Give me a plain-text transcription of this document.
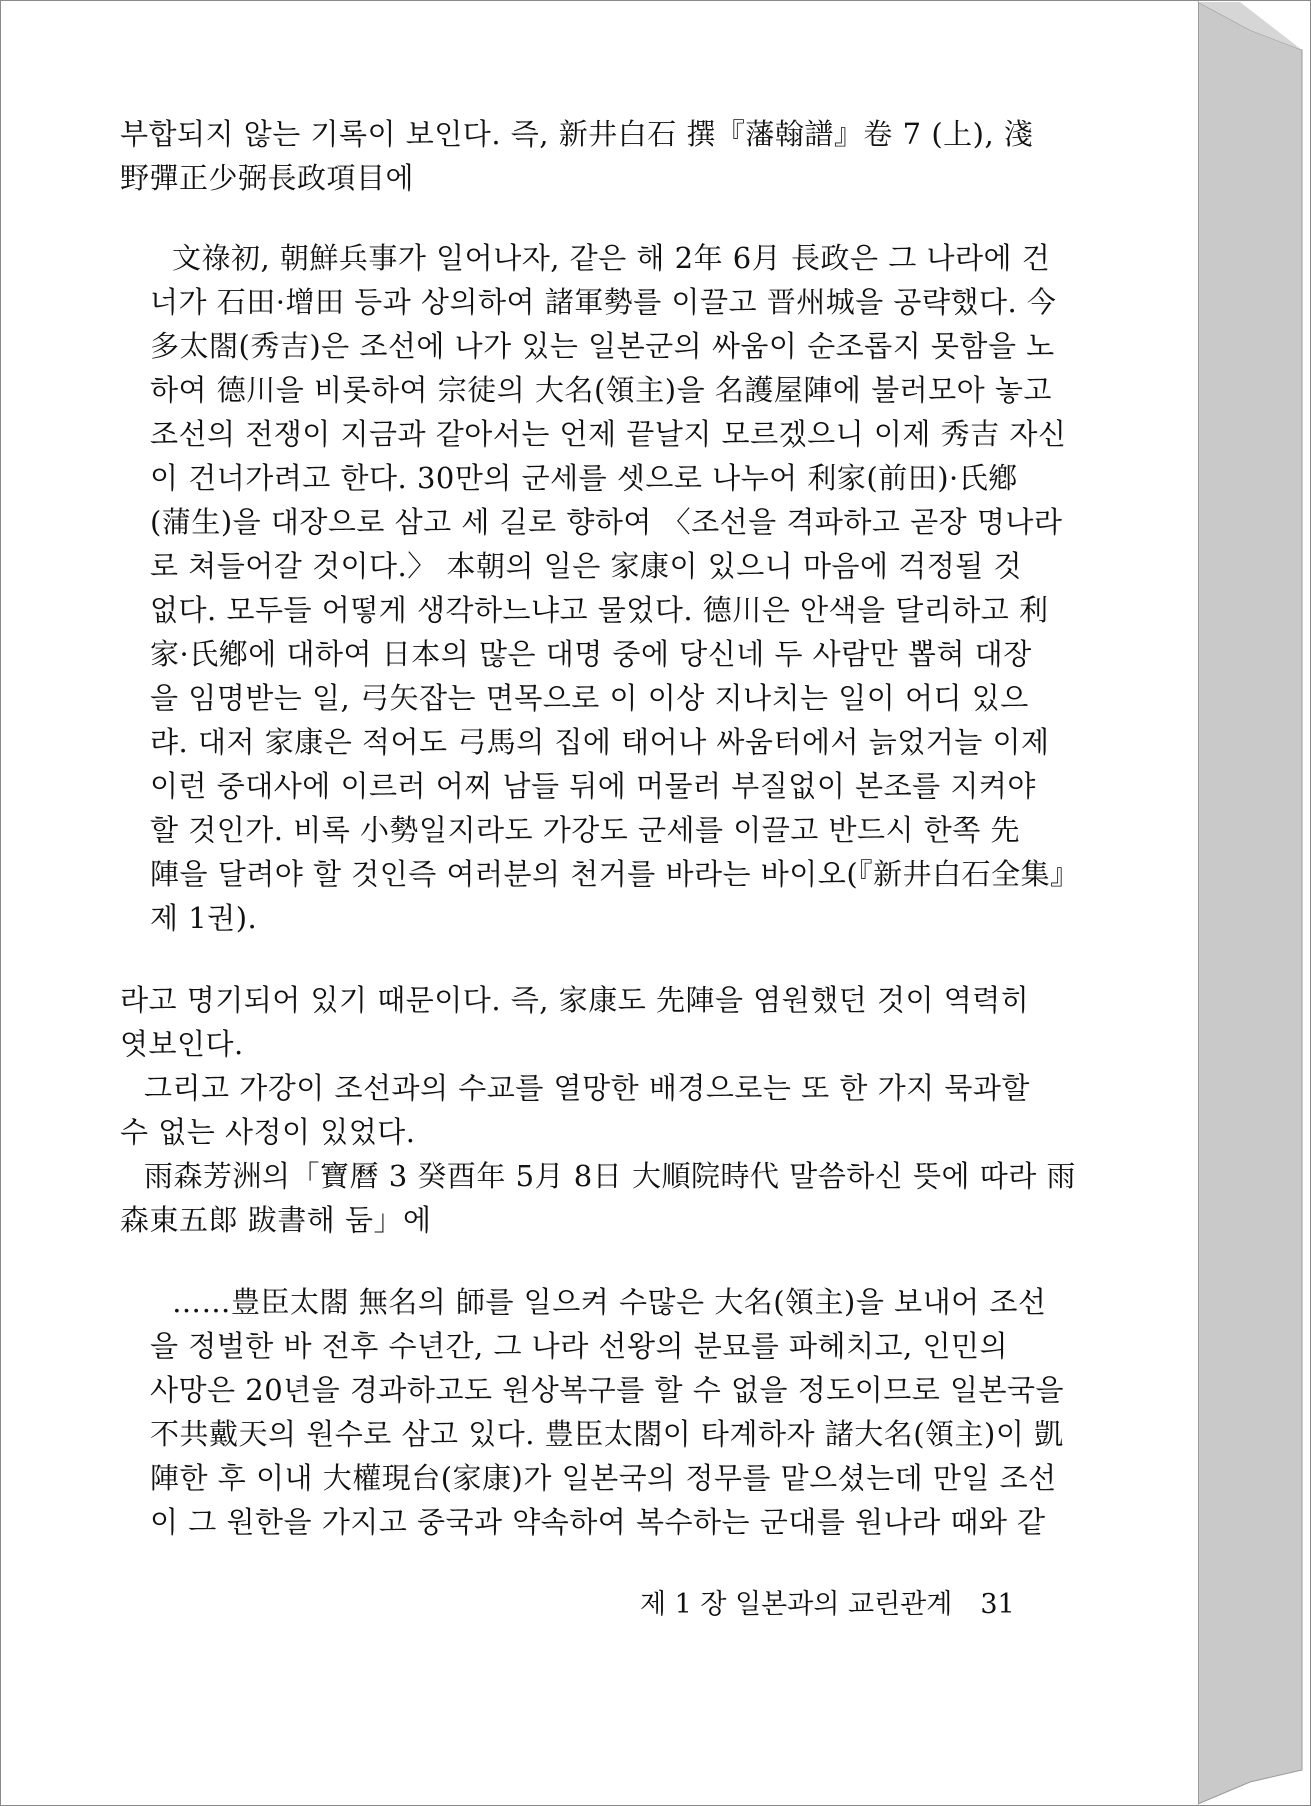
부합되지 않는 기록이 보인다. 즉, 新井白石 撰『藩翰譜』卷 7 (上), 淺
野彈正少弼長政項目에
文祿初, 朝鮮兵事가 일어나자, 같은 해 2年 6月 長政은 그 나라에 건
너가 石田·增田 등과 상의하여 諸軍勢를 이끌고 晋州城을 공략했다. 今
多太閤(秀吉)은 조선에 나가 있는 일본군의 싸움이 순조롭지 못함을 노
하여 德川을 비롯하여 宗徒의 大名(領主)을 名護屋陣에 불러모아 놓고
조선의 전쟁이 지금과 같아서는 언제 끝날지 모르겠으니 이제 秀吉 자신
이 건너가려고 한다. 30만의 군세를 셋으로 나누어 利家(前田)·氏鄕
(蒲生)을 대장으로 삼고 세 길로 향하여 〈조선을 격파하고 곧장 명나라
로 쳐들어갈 것이다.〉 本朝의 일은 家康이 있으니 마음에 걱정될 것
없다. 모두들 어떻게 생각하느냐고 물었다. 德川은 안색을 달리하고 利
家·氏鄕에 대하여 日本의 많은 대명 중에 당신네 두 사람만 뽑혀 대장
을 임명받는 일, 弓矢잡는 면목으로 이 이상 지나치는 일이 어디 있으
랴. 대저 家康은 적어도 弓馬의 집에 태어나 싸움터에서 늙었거늘 이제
이런 중대사에 이르러 어찌 남들 뒤에 머물러 부질없이 본조를 지켜야
할 것인가. 비록 小勢일지라도 가강도 군세를 이끌고 반드시 한쪽 先
陣을 달려야 할 것인즉 여러분의 천거를 바라는 바이오(『新井白石全集』
제 1권).
라고 명기되어 있기 때문이다. 즉, 家康도 先陣을 염원했던 것이 역력히
엿보인다.
그리고 가강이 조선과의 수교를 열망한 배경으로는 또 한 가지 묵과할
수 없는 사정이 있었다.
雨森芳洲의「寶曆 3 癸酉年 5月 8日 大順院時代 말씀하신 뜻에 따라 雨
森東五郞 跋書해 둠」에
……豊臣太閤 無名의 師를 일으켜 수많은 大名(領主)을 보내어 조선
을 정벌한 바 전후 수년간, 그 나라 선왕의 분묘를 파헤치고, 인민의
사망은 20년을 경과하고도 원상복구를 할 수 없을 정도이므로 일본국을
不共戴天의 원수로 삼고 있다. 豊臣太閤이 타계하자 諸大名(領主)이 凱
陣한 후 이내 大權現台(家康)가 일본국의 정무를 맡으셨는데 만일 조선
이 그 원한을 가지고 중국과 약속하여 복수하는 군대를 원나라 때와 같
제 1 장 일본과의 교린관계 31
